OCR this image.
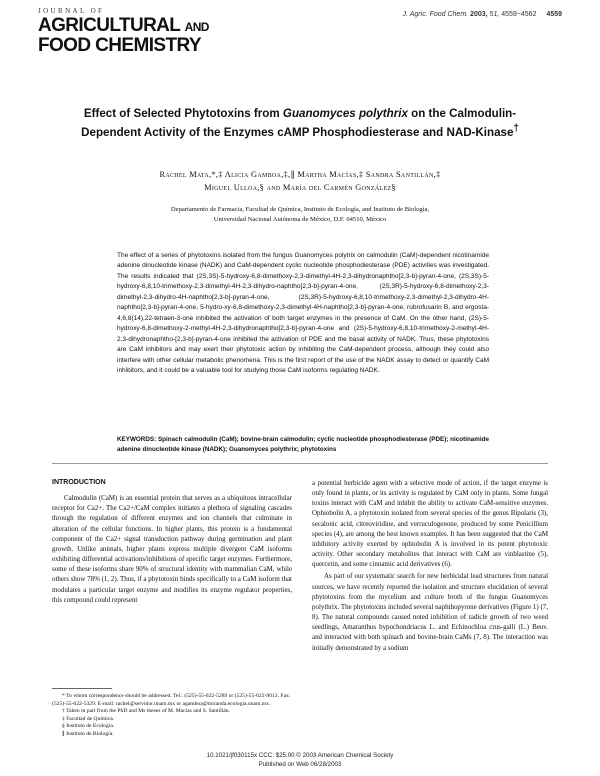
JOURNAL OF
AGRICULTURAL AND
FOOD CHEMISTRY
J. Agric. Food Chem. 2003, 51, 4559−4562 4559
Effect of Selected Phytotoxins from Guanomyces polythrix on the Calmodulin-Dependent Activity of the Enzymes cAMP Phosphodiesterase and NAD-Kinase†
Rachel Mata,*,‡ Alicia Gamboa,‡,∥ Martha Macías,‡ Sandra Santillán,‡
Miguel Ulloa,§ and María del Carmén González§
Departamento de Farmacia, Facultad de Química, Instituto de Ecología, and Instituto de Biología,
Universidad Nacional Autónoma de México, D.F. 04510, México
The effect of a series of phytotoxins isolated from the fungus Guanomyces polytrix on calmodulin (CaM)-dependent nicotinamide adenine dinucleotide kinase (NADK) and CaM-dependent cyclic nucleotide phosphodiesterase (PDE) activities was investigated. The results indicated that (2S,3S)-5-hydroxy-6,8-dimethoxy-2,3-dimethyl-4H-2,3-dihydronaphtho[2,3-b]-pyran-4-one, (2S,3S)-5-hydroxy-6,8,10-trimethoxy-2,3-dimethyl-4H-2,3-dihydro-naphtho[2,3-b]-pyran-4-one, (2S,3R)-5-hydroxy-6,8-dimethoxy-2,3-dimethyl-2,3-dihydro-4H-naphtho[2,3-b]-pyran-4-one, (2S,3R)-5-hydroxy-6,8,10-trimethoxy-2,3-dimethyl-2,3-dihydro-4H-naphtho[2,3-b]-pyran-4-one, 5-hydro-xy-6,8-dimethoxy-2,3-dimethyl-4H-naphtho[2,3-b]-pyran-4-one, rubrofusarin B, and ergosta-4,6,8(14),22-tetraen-3-one inhibited the activation of both target enzymes in the presence of CaM. On the other hand, (2S)-5-hydroxy-6,8-dimethoxy-2-methyl-4H-2,3-dihydronaphtho[2,3-b]-pyran-4-one and (2S)-5-hydroxy-6,8,10-trimethoxy-2-methyl-4H-2,3-dihydronaphtho-[2,3-b]-pyran-4-one inhibited the activation of PDE and the basal activity of NADK. Thus, these phytotoxins are CaM inhibitors and may exert their phytotoxic action by inhibiting the CaM-dependent process, although they could also interfere with other cellular metabolic phenomena. This is the first report of the use of the NADK assay to detect or quantify CaM inhibitors, and it could be a valuable tool for studying those CaM isoforms regulating NADK.
KEYWORDS: Spinach calmodulin (CaM); bovine-brain calmodulin; cyclic nucleotide phosphodiesterase (PDE); nicotinamide adenine dinucleotide kinase (NADK); Guanomyces polythrix; phytotoxins
INTRODUCTION

Calmodulin (CaM) is an essential protein that serves as a ubiquitous intracellular receptor for Ca2+. The Ca2+/CaM complex initiates a plethora of signaling cascades through the regulation of different enzymes and ion channels that culminate in alteration of the cellular functions. In higher plants, this protein is a fundamental component of the Ca2+ signal transduction pathway during germination and plant growth. Unlike animals, higher plants express multiple divergent CaM isoforms exhibiting differential activations/inhibitions of specific target enzymes. Furthermore, some of these isoforms share 90% of structural identity with mammalian CaM, while others show 78% (1, 2). Thus, if a phytotoxin binds specifically to a CaM isoform that modulates a particular target enzyme and modifies its enzyme regulator properties, this compound could represent

a potential herbicide agent with a selective mode of action, if the target enzyme is only found in plants, or its activity is regulated by CaM only in plants. Some fungal toxins interact with CaM and inhibit the ability to activate CaM-sensitive enzymes. Ophiobolin A, a phytotoxin isolated from several species of the genus Bipolaris (3), secalonic acid, citreoviridine, and verruculogenone, produced by some Penicillium species (4), are among the best known examples. It has been suggested that the CaM inhibitory activity exerted by ophiobolin A is involved in its potent phytotoxic activity. Other secondary metabolites that interact with CaM are vinblastine (5), quercetin, and some cinnamic acid derivatives (6).

As part of our systematic search for new herbicidal lead structures from natural sources, we have recently reported the isolation and structure elucidation of several phytotoxins from the mycelium and culture broth of the fungus Guanomyces polythrix. The phytotoxins included several naphthopyrone derivatives (Figure 1) (7, 8). The natural compounds caused noted inhibition of radicle growth of two weed seedlings, Amaranthus hypochondriacus L. and Echinochloa crus-galli (L.) Beuv. and interacted with both spinach and bovine-brain CaMs (7, 8). The interaction was initially demonstrated by a sodium

* To whom correspondence should be addressed. Tel.: (525)-55-622-5289 or (525)-55-622-9013. Fax: (525)-55-622-5329. E-mail: rachel@servidor.unam.mx or agamboa@miranda.ecologia.unam.mx.

† Taken in part from the PhD and Ms theses of M. Macías and S. Santillán.

‡ Facultad de Química.

§ Instituto de Ecología.

∥ Instituto de Biología.

10.1021/jf030115x CCC: $25.00 © 2003 American Chemical Society
Published on Web 06/28/2003
